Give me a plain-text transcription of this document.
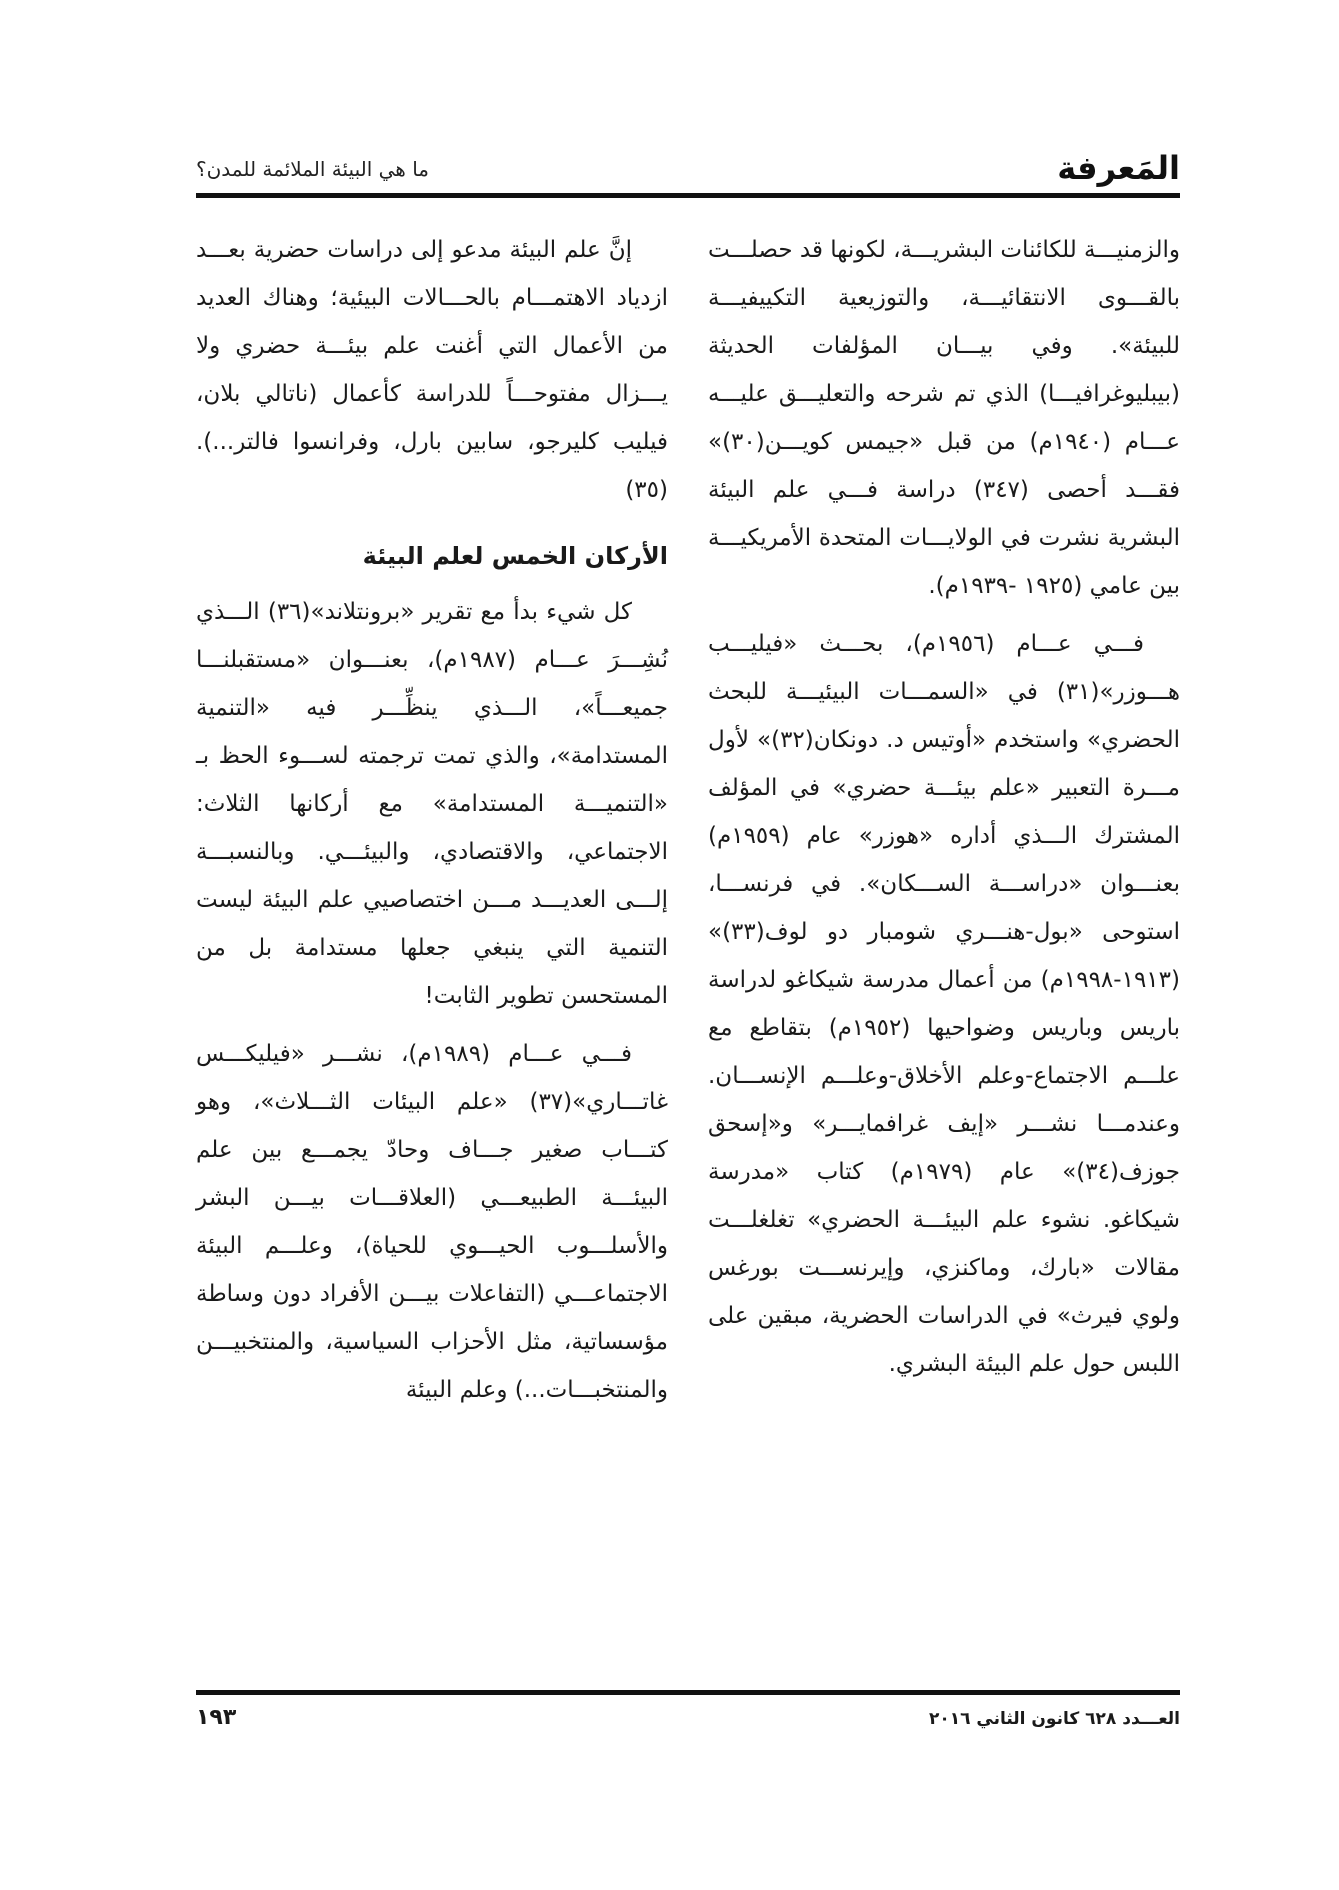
المَعرفة
ما هي البيئة الملائمة للمدن؟

والزمنيـــة للكائنات البشريـــة، لكونها قد حصلـــت بالقـــوى الانتقائيـــة، والتوزيعية التكييفيـــة للبيئة». وفي بيـــان المؤلفات الحديثة (بيبليوغرافيـــا) الذي تم شرحه والتعليـــق عليـــه عـــام (١٩٤٠م) من قبل «جيمس كويـــن(٣٠)» فقـــد أحصى (٣٤٧) دراسة فـــي علم البيئة البشرية نشرت في الولايـــات المتحدة الأمريكيـــة بين عامي (١٩٢٥ -١٩٣٩م).

فـــي عـــام (١٩٥٦م)، بحـــث «فيليـــب هـــوزر»(٣١) في «السمـــات البيئيـــة للبحث الحضري» واستخدم «أوتيس د. دونكان(٣٢)» لأول مـــرة التعبير «علم بيئـــة حضري» في المؤلف المشترك الـــذي أداره «هوزر» عام (١٩٥٩م) بعنـــوان «دراســـة الســـكان». في فرنســـا، استوحى «بول-هنـــري شومبار دو لوف(٣٣)» (١٩١٣-١٩٩٨م) من أعمال مدرسة شيكاغو لدراسة باريس وباريس وضواحيها (١٩٥٢م) بتقاطع مع علـــم الاجتماع-وعلم الأخلاق-وعلـــم الإنســـان. وعندمـــا نشـــر «إيف غرافمايـــر» و«إسحق جوزف(٣٤)» عام (١٩٧٩م) كتاب «مدرسة شيكاغو. نشوء علم البيئـــة الحضري» تغلغلـــت مقالات «بارك، وماكنزي، وإيرنســـت بورغس ولوي فيرث» في الدراسات الحضرية، مبقين على اللبس حول علم البيئة البشري.

إنَّ علم البيئة مدعو إلى دراسات حضرية بعـــد ازدياد الاهتمـــام بالحـــالات البيئية؛ وهناك العديد من الأعمال التي أغنت علم بيئـــة حضري ولا يـــزال مفتوحـــاً للدراسة كأعمال (ناتالي بلان، فيليب كليرجو، سابين بارل، وفرانسوا فالتر...).(٣٥)

الأركان الخمس لعلم البيئة

كل شيء بدأ مع تقرير «برونتلاند»(٣٦) الـــذي نُشِـــرَ عـــام (١٩٨٧م)، بعنـــوان «مستقبلنـــا جميعـــاً»، الـــذي ينظِّـــر فيه «التنمية المستدامة»، والذي تمت ترجمته لســـوء الحظ بـ «التنميـــة المستدامة» مع أركانها الثلاث: الاجتماعي، والاقتصادي، والبيئـــي. وبالنسبـــة إلـــى العديـــد مـــن اختصاصيي علم البيئة ليست التنمية التي ينبغي جعلها مستدامة بل من المستحسن تطوير الثابت!

فـــي عـــام (١٩٨٩م)، نشـــر «فيليكـــس غاتـــاري»(٣٧) «علم البيئات الثـــلاث»، وهو كتـــاب صغير جـــاف وحادّ يجمـــع بين علم البيئـــة الطبيعـــي (العلاقـــات بيـــن البشر والأسلـــوب الحيـــوي للحياة)، وعلـــم البيئة الاجتماعـــي (التفاعلات بيـــن الأفراد دون وساطة مؤسساتية، مثل الأحزاب السياسية، والمنتخبيـــن والمنتخبـــات...) وعلم البيئة

العـــدد ٦٢٨ كانون الثاني ٢٠١٦
١٩٣
